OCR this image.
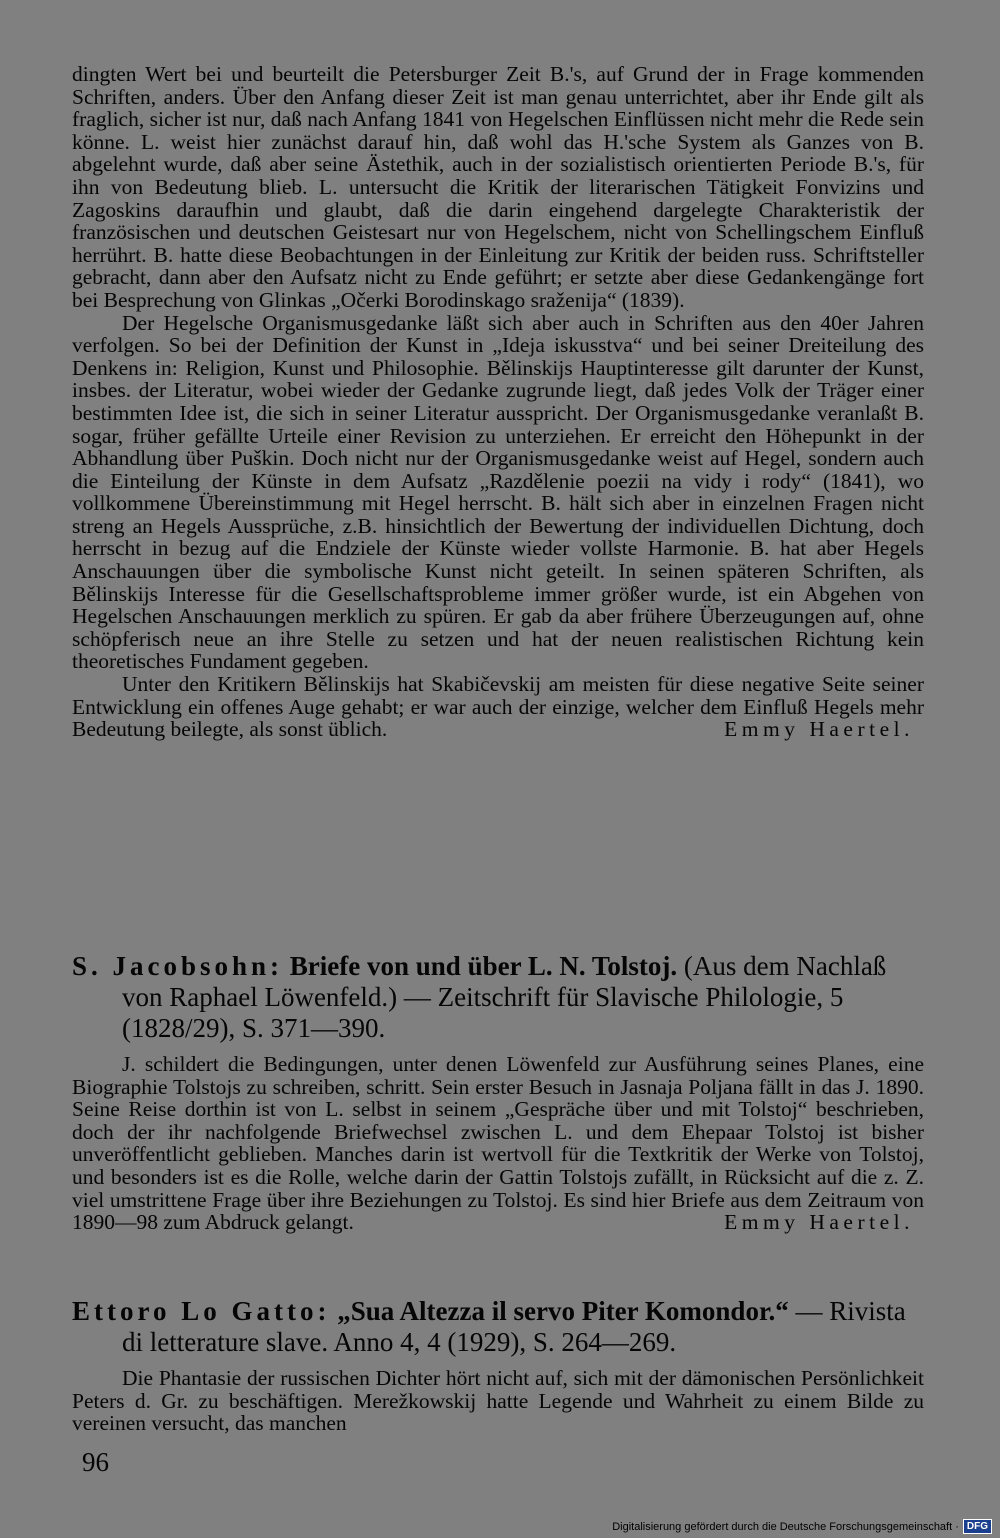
dingten Wert bei und beurteilt die Petersburger Zeit B.'s, auf Grund der in Frage kommenden Schriften, anders. Über den Anfang dieser Zeit ist man genau unterrichtet, aber ihr Ende gilt als fraglich, sicher ist nur, daß nach Anfang 1841 von Hegelschen Einflüssen nicht mehr die Rede sein könne. L. weist hier zunächst darauf hin, daß wohl das H.'sche System als Ganzes von B. abgelehnt wurde, daß aber seine Ästethik, auch in der sozialistisch orientierten Periode B.'s, für ihn von Bedeutung blieb. L. untersucht die Kritik der literarischen Tätigkeit Fonvizins und Zagoskins daraufhin und glaubt, daß die darin eingehend dargelegte Charakteristik der französischen und deutschen Geistesart nur von Hegelschem, nicht von Schellingschem Einfluß herrührt. B. hatte diese Beobachtungen in der Einleitung zur Kritik der beiden russ. Schriftsteller gebracht, dann aber den Aufsatz nicht zu Ende geführt; er setzte aber diese Gedankengänge fort bei Besprechung von Glinkas „Očerki Borodinskago sraženija“ (1839).

Der Hegelsche Organismusgedanke läßt sich aber auch in Schriften aus den 40er Jahren verfolgen. So bei der Definition der Kunst in „Ideja iskusstva“ und bei seiner Dreiteilung des Denkens in: Religion, Kunst und Philosophie. Bělinskijs Hauptinteresse gilt darunter der Kunst, insbes. der Literatur, wobei wieder der Gedanke zugrunde liegt, daß jedes Volk der Träger einer bestimmten Idee ist, die sich in seiner Literatur ausspricht. Der Organismusgedanke veranlaßt B. sogar, früher gefällte Urteile einer Revision zu unterziehen. Er erreicht den Höhepunkt in der Abhandlung über Puškin. Doch nicht nur der Organismusgedanke weist auf Hegel, sondern auch die Einteilung der Künste in dem Aufsatz „Razdělenie poezii na vidy i rody“ (1841), wo vollkommene Übereinstimmung mit Hegel herrscht. B. hält sich aber in einzelnen Fragen nicht streng an Hegels Aussprüche, z.B. hinsichtlich der Bewertung der individuellen Dichtung, doch herrscht in bezug auf die Endziele der Künste wieder vollste Harmonie. B. hat aber Hegels Anschauungen über die symbolische Kunst nicht geteilt. In seinen späteren Schriften, als Bělinskijs Interesse für die Gesellschaftsprobleme immer größer wurde, ist ein Abgehen von Hegelschen Anschauungen merklich zu spüren. Er gab da aber frühere Überzeugungen auf, ohne schöpferisch neue an ihre Stelle zu setzen und hat der neuen realistischen Richtung kein theoretisches Fundament gegeben.

Unter den Kritikern Bělinskijs hat Skabičevskij am meisten für diese negative Seite seiner Entwicklung ein offenes Auge gehabt; er war auch der einzige, welcher dem Einfluß Hegels mehr Bedeutung beilegte, als sonst üblich.	Emmy Haertel.

S. Jacobsohn: Briefe von und über L. N. Tolstoj. (Aus dem Nachlaß von Raphael Löwenfeld.) — Zeitschrift für Slavische Philologie, 5 (1828/29), S. 371—390.

J. schildert die Bedingungen, unter denen Löwenfeld zur Ausführung seines Planes, eine Biographie Tolstojs zu schreiben, schritt. Sein erster Besuch in Jasnaja Poljana fällt in das J. 1890. Seine Reise dorthin ist von L. selbst in seinem „Gespräche über und mit Tolstoj“ beschrieben, doch der ihr nachfolgende Briefwechsel zwischen L. und dem Ehepaar Tolstoj ist bisher unveröffentlicht geblieben. Manches darin ist wertvoll für die Textkritik der Werke von Tolstoj, und besonders ist es die Rolle, welche darin der Gattin Tolstojs zufällt, in Rücksicht auf die z. Z. viel umstrittene Frage über ihre Beziehungen zu Tolstoj. Es sind hier Briefe aus dem Zeitraum von 1890—98 zum Abdruck gelangt.	Emmy Haertel.

Ettoro Lo Gatto: „Sua Altezza il servo Piter Komondor.“ — Rivista di letterature slave. Anno 4, 4 (1929), S. 264—269.

Die Phantasie der russischen Dichter hört nicht auf, sich mit der dämonischen Persönlichkeit Peters d. Gr. zu beschäftigen. Merežkowskij hatte Legende und Wahrheit zu einem Bilde zu vereinen versucht, das manchen

96
Digitalisierung gefördert durch die Deutsche Forschungsgemeinschaft · DFG
